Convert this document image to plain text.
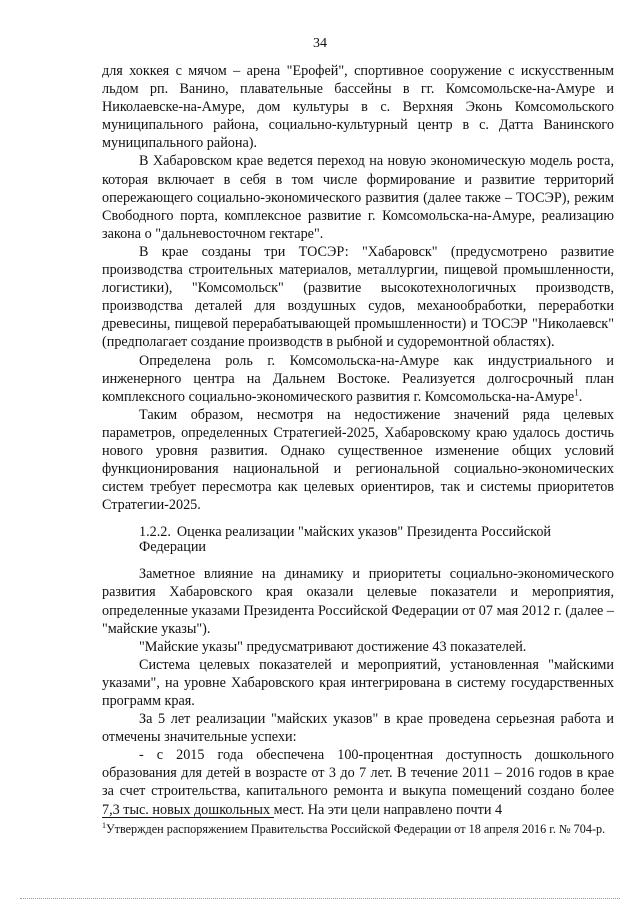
34

для хоккея с мячом – арена "Ерофей", спортивное сооружение с искусственным льдом рп. Ванино, плавательные бассейны в гг. Комсомольске-на-Амуре и Николаевске-на-Амуре, дом культуры в с. Верхняя Эконь Комсомольского муниципального района, социально-культурный центр в с. Датта Ванинского муниципального района).

В Хабаровском крае ведется переход на новую экономическую модель роста, которая включает в себя в том числе формирование и развитие территорий опережающего социально-экономического развития (далее также – ТОСЭР), режим Свободного порта, комплексное развитие г. Комсомольска-на-Амуре, реализацию закона о "дальневосточном гектаре".

В крае созданы три ТОСЭР: "Хабаровск" (предусмотрено развитие производства строительных материалов, металлургии, пищевой промышленности, логистики), "Комсомольск" (развитие высокотехнологичных производств, производства деталей для воздушных судов, механообработки, переработки древесины, пищевой перерабатывающей промышленности) и ТОСЭР "Николаевск" (предполагает создание производств в рыбной и судоремонтной областях).

Определена роль г. Комсомольска-на-Амуре как индустриального и инженерного центра на Дальнем Востоке. Реализуется долгосрочный план комплексного социально-экономического развития г. Комсомольска-на-Амуре$^1$.

Таким образом, несмотря на недостижение значений ряда целевых параметров, определенных Стратегией-2025, Хабаровскому краю удалось достичь нового уровня развития. Однако существенное изменение общих условий функционирования национальной и региональной социально-экономических систем требует пересмотра как целевых ориентиров, так и системы приоритетов Стратегии-2025.

1.2.2. Оценка реализации "майских указов" Президента Российской Федерации

Заметное влияние на динамику и приоритеты социально-экономического развития Хабаровского края оказали целевые показатели и мероприятия, определенные указами Президента Российской Федерации от 07 мая 2012 г. (далее – "майские указы").

"Майские указы" предусматривают достижение 43 показателей.

Система целевых показателей и мероприятий, установленная "майскими указами", на уровне Хабаровского края интегрирована в систему государственных программ края.

За 5 лет реализации "майских указов" в крае проведена серьезная работа и отмечены значительные успехи:

- с 2015 года обеспечена 100-процентная доступность дошкольного образования для детей в возрасте от 3 до 7 лет. В течение 2011 – 2016 годов в крае за счет строительства, капитального ремонта и выкупа помещений создано более 7,3 тыс. новых дошкольных мест. На эти цели направлено почти 4

$^1$Утвержден распоряжением Правительства Российской Федерации от 18 апреля 2016 г. № 704-р.
